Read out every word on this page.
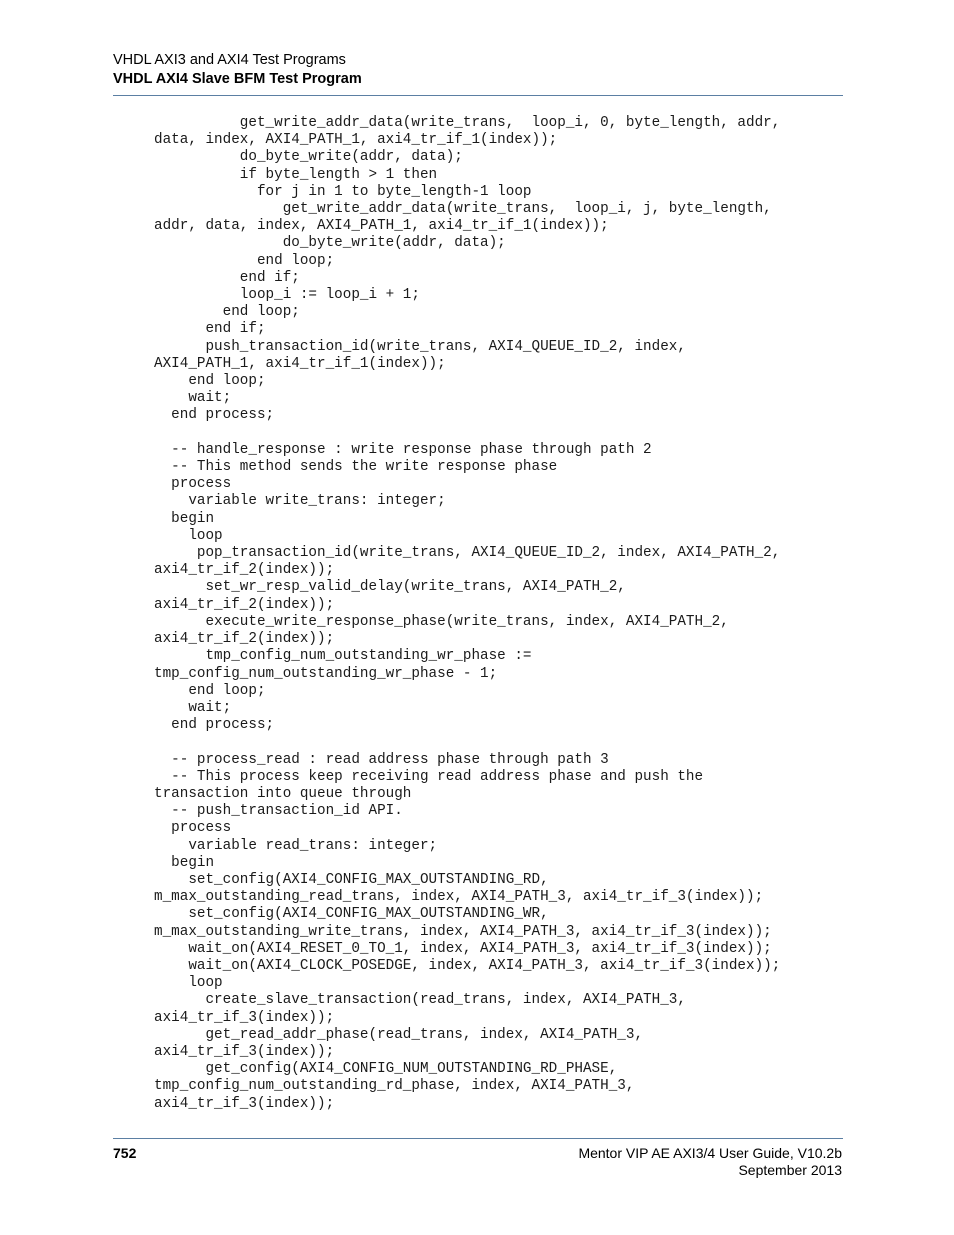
VHDL AXI3 and AXI4 Test Programs
VHDL AXI4 Slave BFM Test Program
get_write_addr_data(write_trans,  loop_i, 0, byte_length, addr,
data, index, AXI4_PATH_1, axi4_tr_if_1(index));
do_byte_write(addr, data);
if byte_length > 1 then
for j in 1 to byte_length-1 loop
get_write_addr_data(write_trans,  loop_i, j, byte_length,
addr, data, index, AXI4_PATH_1, axi4_tr_if_1(index));
do_byte_write(addr, data);
end loop;
end if;
loop_i := loop_i + 1;
end loop;
end if;
push_transaction_id(write_trans, AXI4_QUEUE_ID_2, index,
AXI4_PATH_1, axi4_tr_if_1(index));
end loop;
wait;
end process;

-- handle_response : write response phase through path 2
-- This method sends the write response phase
process
variable write_trans: integer;
begin
loop
pop_transaction_id(write_trans, AXI4_QUEUE_ID_2, index, AXI4_PATH_2,
axi4_tr_if_2(index));
set_wr_resp_valid_delay(write_trans, AXI4_PATH_2,
axi4_tr_if_2(index));
execute_write_response_phase(write_trans, index, AXI4_PATH_2,
axi4_tr_if_2(index));
tmp_config_num_outstanding_wr_phase :=
tmp_config_num_outstanding_wr_phase - 1;
end loop;
wait;
end process;

-- process_read : read address phase through path 3
-- This process keep receiving read address phase and push the
transaction into queue through
-- push_transaction_id API.
process
variable read_trans: integer;
begin
set_config(AXI4_CONFIG_MAX_OUTSTANDING_RD,
m_max_outstanding_read_trans, index, AXI4_PATH_3, axi4_tr_if_3(index));
set_config(AXI4_CONFIG_MAX_OUTSTANDING_WR,
m_max_outstanding_write_trans, index, AXI4_PATH_3, axi4_tr_if_3(index));
wait_on(AXI4_RESET_0_TO_1, index, AXI4_PATH_3, axi4_tr_if_3(index));
wait_on(AXI4_CLOCK_POSEDGE, index, AXI4_PATH_3, axi4_tr_if_3(index));
loop
create_slave_transaction(read_trans, index, AXI4_PATH_3,
axi4_tr_if_3(index));
get_read_addr_phase(read_trans, index, AXI4_PATH_3,
axi4_tr_if_3(index));
get_config(AXI4_CONFIG_NUM_OUTSTANDING_RD_PHASE,
tmp_config_num_outstanding_rd_phase, index, AXI4_PATH_3,
axi4_tr_if_3(index));
752	Mentor VIP AE AXI3/4 User Guide, V10.2b
September 2013
